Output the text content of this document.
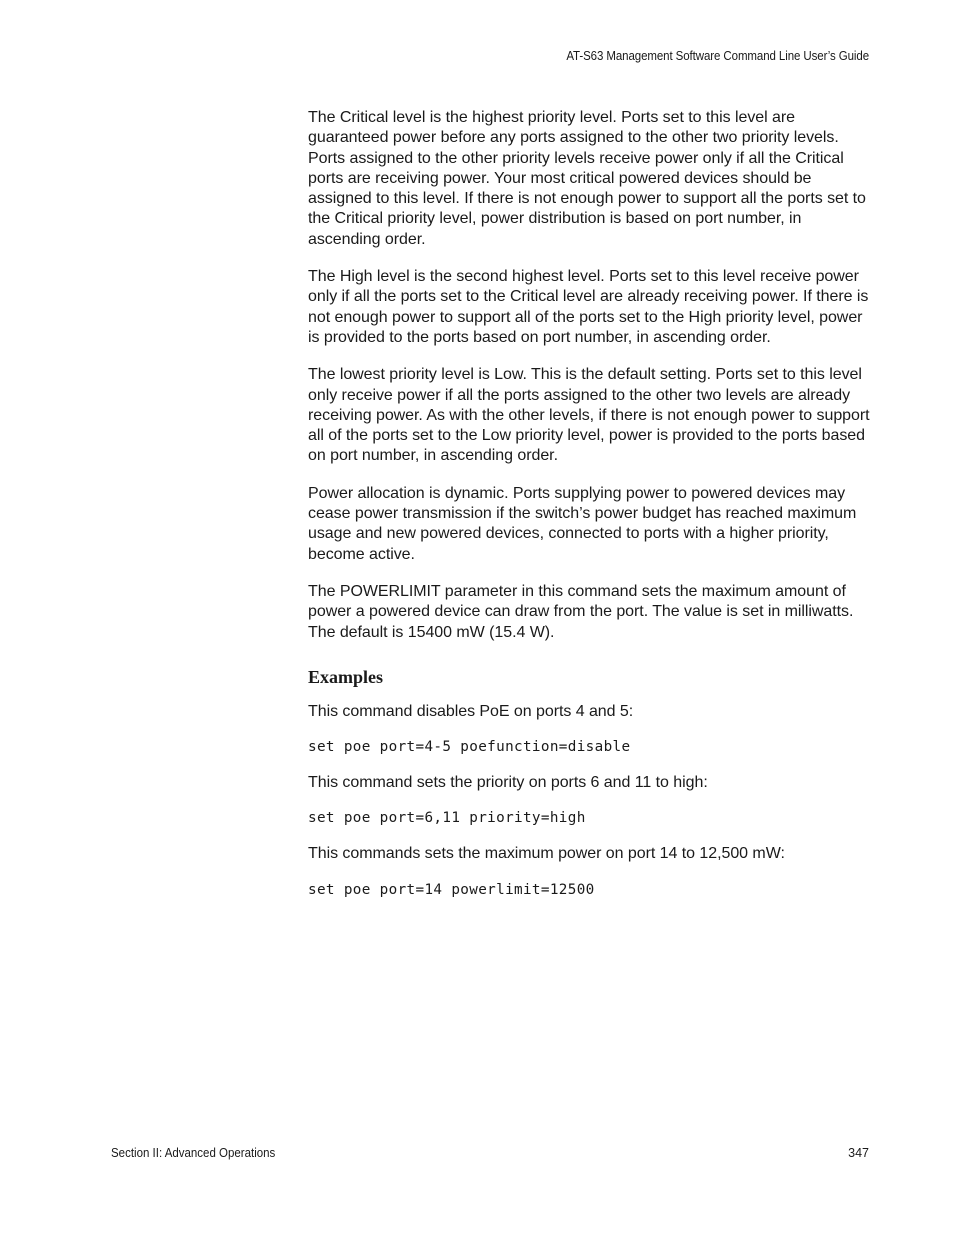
AT-S63 Management Software Command Line User’s Guide

The Critical level is the highest priority level. Ports set to this level are guaranteed power before any ports assigned to the other two priority levels. Ports assigned to the other priority levels receive power only if all the Critical ports are receiving power. Your most critical powered devices should be assigned to this level. If there is not enough power to support all the ports set to the Critical priority level, power distribution is based on port number, in ascending order.

The High level is the second highest level. Ports set to this level receive power only if all the ports set to the Critical level are already receiving power. If there is not enough power to support all of the ports set to the High priority level, power is provided to the ports based on port number, in ascending order.

The lowest priority level is Low. This is the default setting. Ports set to this level only receive power if all the ports assigned to the other two levels are already receiving power. As with the other levels, if there is not enough power to support all of the ports set to the Low priority level, power is provided to the ports based on port number, in ascending order.

Power allocation is dynamic. Ports supplying power to powered devices may cease power transmission if the switch’s power budget has reached maximum usage and new powered devices, connected to ports with a higher priority, become active.

The POWERLIMIT parameter in this command sets the maximum amount of power a powered device can draw from the port. The value is set in milliwatts. The default is 15400 mW (15.4 W).

Examples

This command disables PoE on ports 4 and 5:

set poe port=4-5 poefunction=disable

This command sets the priority on ports 6 and 11 to high:

set poe port=6,11 priority=high

This commands sets the maximum power on port 14 to 12,500 mW:

set poe port=14 powerlimit=12500
Section II: Advanced Operations	347
